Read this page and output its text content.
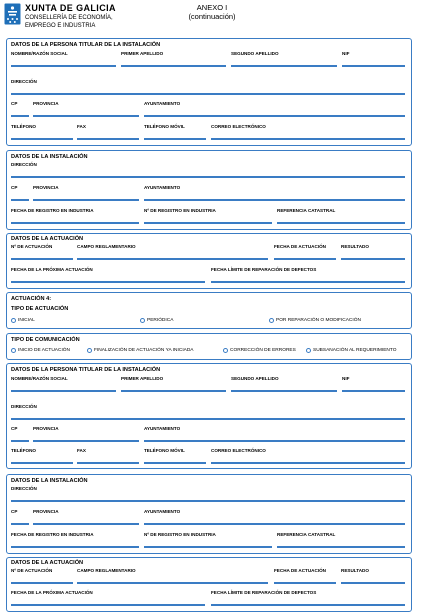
XUNTA DE GALICIA
CONSELLERÍA DE ECONOMÍA,
EMPREGO E INDUSTRIA
ANEXO I
(continuación)
DATOS DE LA PERSONA TITULAR DE LA INSTALACIÓN
NOMBRE/RAZÓN SOCIAL	PRIMER APELLIDO	SEGUNDO APELLIDO	NIF
DIRECCIÓN
CP	PROVINCIA	AYUNTAMIENTO
TELÉFONO	FAX	TELÉFONO MÓVIL	CORREO ELECTRÓNICO
DATOS DE LA INSTALACIÓN
DIRECCIÓN
CP	PROVINCIA	AYUNTAMIENTO
FECHA DE REGISTRO EN INDUSTRIA	Nº DE REGISTRO EN INDUSTRIA	REFERENCIA CATASTRAL
DATOS DE LA ACTUACIÓN
Nº DE ACTUACIÓN	CAMPO REGLAMENTARIO	FECHA DE ACTUACIÓN	RESULTADO
FECHA DE LA PRÓXIMA ACTUACIÓN	FECHA LÍMITE DE REPARACIÓN DE DEFECTOS
ACTUACIÓN 4:
TIPO DE ACTUACIÓN
INICIAL	PERIÓDICA	POR REPARACIÓN O MODIFICACIÓN
TIPO DE COMUNICACIÓN
INICIO DE ACTUACIÓN	FINALIZACIÓN DE ACTUACIÓN YA INICIADA	CORRECCIÓN DE ERRORES	SUBSANACIÓN AL REQUERIMIENTO
DATOS DE LA PERSONA TITULAR DE LA INSTALACIÓN
NOMBRE/RAZÓN SOCIAL	PRIMER APELLIDO	SEGUNDO APELLIDO	NIF
DIRECCIÓN
CP	PROVINCIA	AYUNTAMIENTO
TELÉFONO	FAX	TELÉFONO MÓVIL	CORREO ELECTRÓNICO
DATOS DE LA INSTALACIÓN
DIRECCIÓN
CP	PROVINCIA	AYUNTAMIENTO
FECHA DE REGISTRO EN INDUSTRIA	Nº DE REGISTRO EN INDUSTRIA	REFERENCIA CATASTRAL
DATOS DE LA ACTUACIÓN
Nº DE ACTUACIÓN	CAMPO REGLAMENTARIO	FECHA DE ACTUACIÓN	RESULTADO
FECHA DE LA PRÓXIMA ACTUACIÓN	FECHA LÍMITE DE REPARACIÓN DE DEFECTOS
